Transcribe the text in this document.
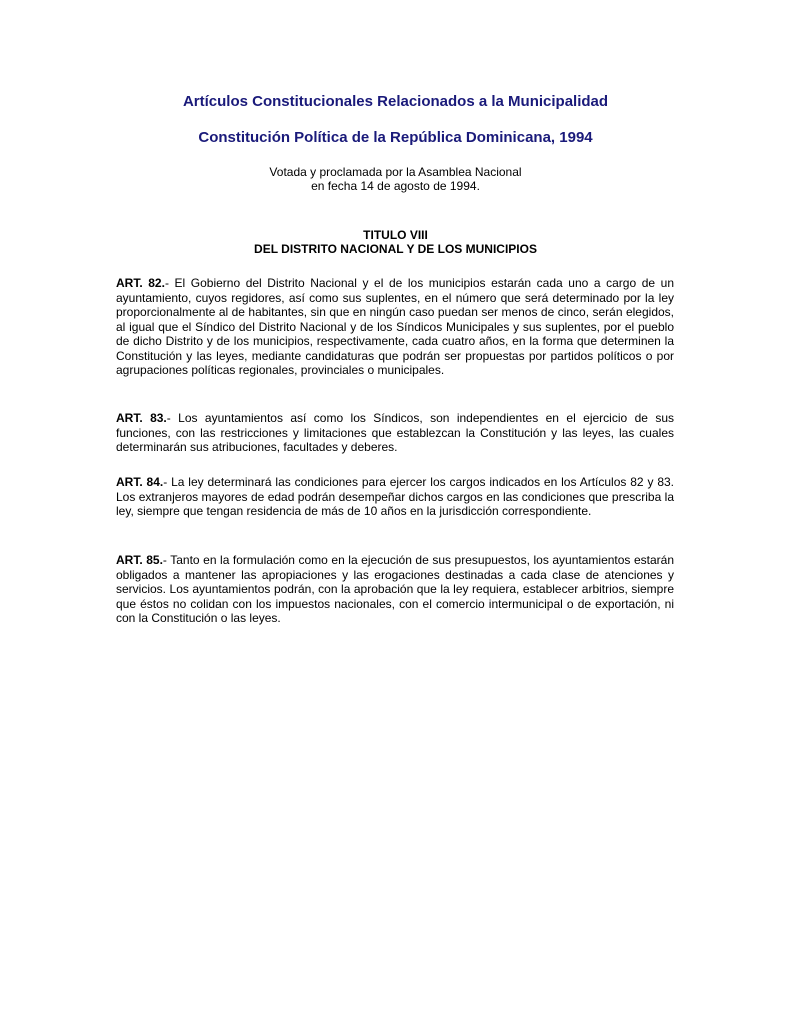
Artículos Constitucionales Relacionados a la Municipalidad
Constitución Política de la República Dominicana, 1994
Votada y proclamada por la Asamblea Nacional
en fecha 14 de agosto de 1994.
TITULO VIII
DEL DISTRITO NACIONAL Y DE LOS MUNICIPIOS

ART. 82.- El Gobierno del Distrito Nacional y el de los municipios estarán cada uno a cargo de un ayuntamiento, cuyos regidores, así como sus suplentes, en el número que será determinado por la ley proporcionalmente al de habitantes, sin que en ningún caso puedan ser menos de cinco, serán elegidos, al igual que el Síndico del Distrito Nacional y de los Síndicos Municipales y sus suplentes, por el pueblo de dicho Distrito y de los municipios, respectivamente, cada cuatro años, en la forma que determinen la Constitución y las leyes, mediante candidaturas que podrán ser propuestas por partidos políticos o por agrupaciones políticas regionales, provinciales o municipales.

ART. 83.- Los ayuntamientos así como los Síndicos, son independientes en el ejercicio de sus funciones, con las restricciones y limitaciones que establezcan la Constitución y las leyes, las cuales determinarán sus atribuciones, facultades y deberes.

ART. 84.- La ley determinará las condiciones para ejercer los cargos indicados en los Artículos 82 y 83. Los extranjeros mayores de edad podrán desempeñar dichos cargos en las condiciones que prescriba la ley, siempre que tengan residencia de más de 10 años en la jurisdicción correspondiente.

ART. 85.- Tanto en la formulación como en la ejecución de sus presupuestos, los ayuntamientos estarán obligados a mantener las apropiaciones y las erogaciones destinadas a cada clase de atenciones y servicios. Los ayuntamientos podrán, con la aprobación que la ley requiera, establecer arbitrios, siempre que éstos no colidan con los impuestos nacionales, con el comercio intermunicipal o de exportación, ni con la Constitución o las leyes.
